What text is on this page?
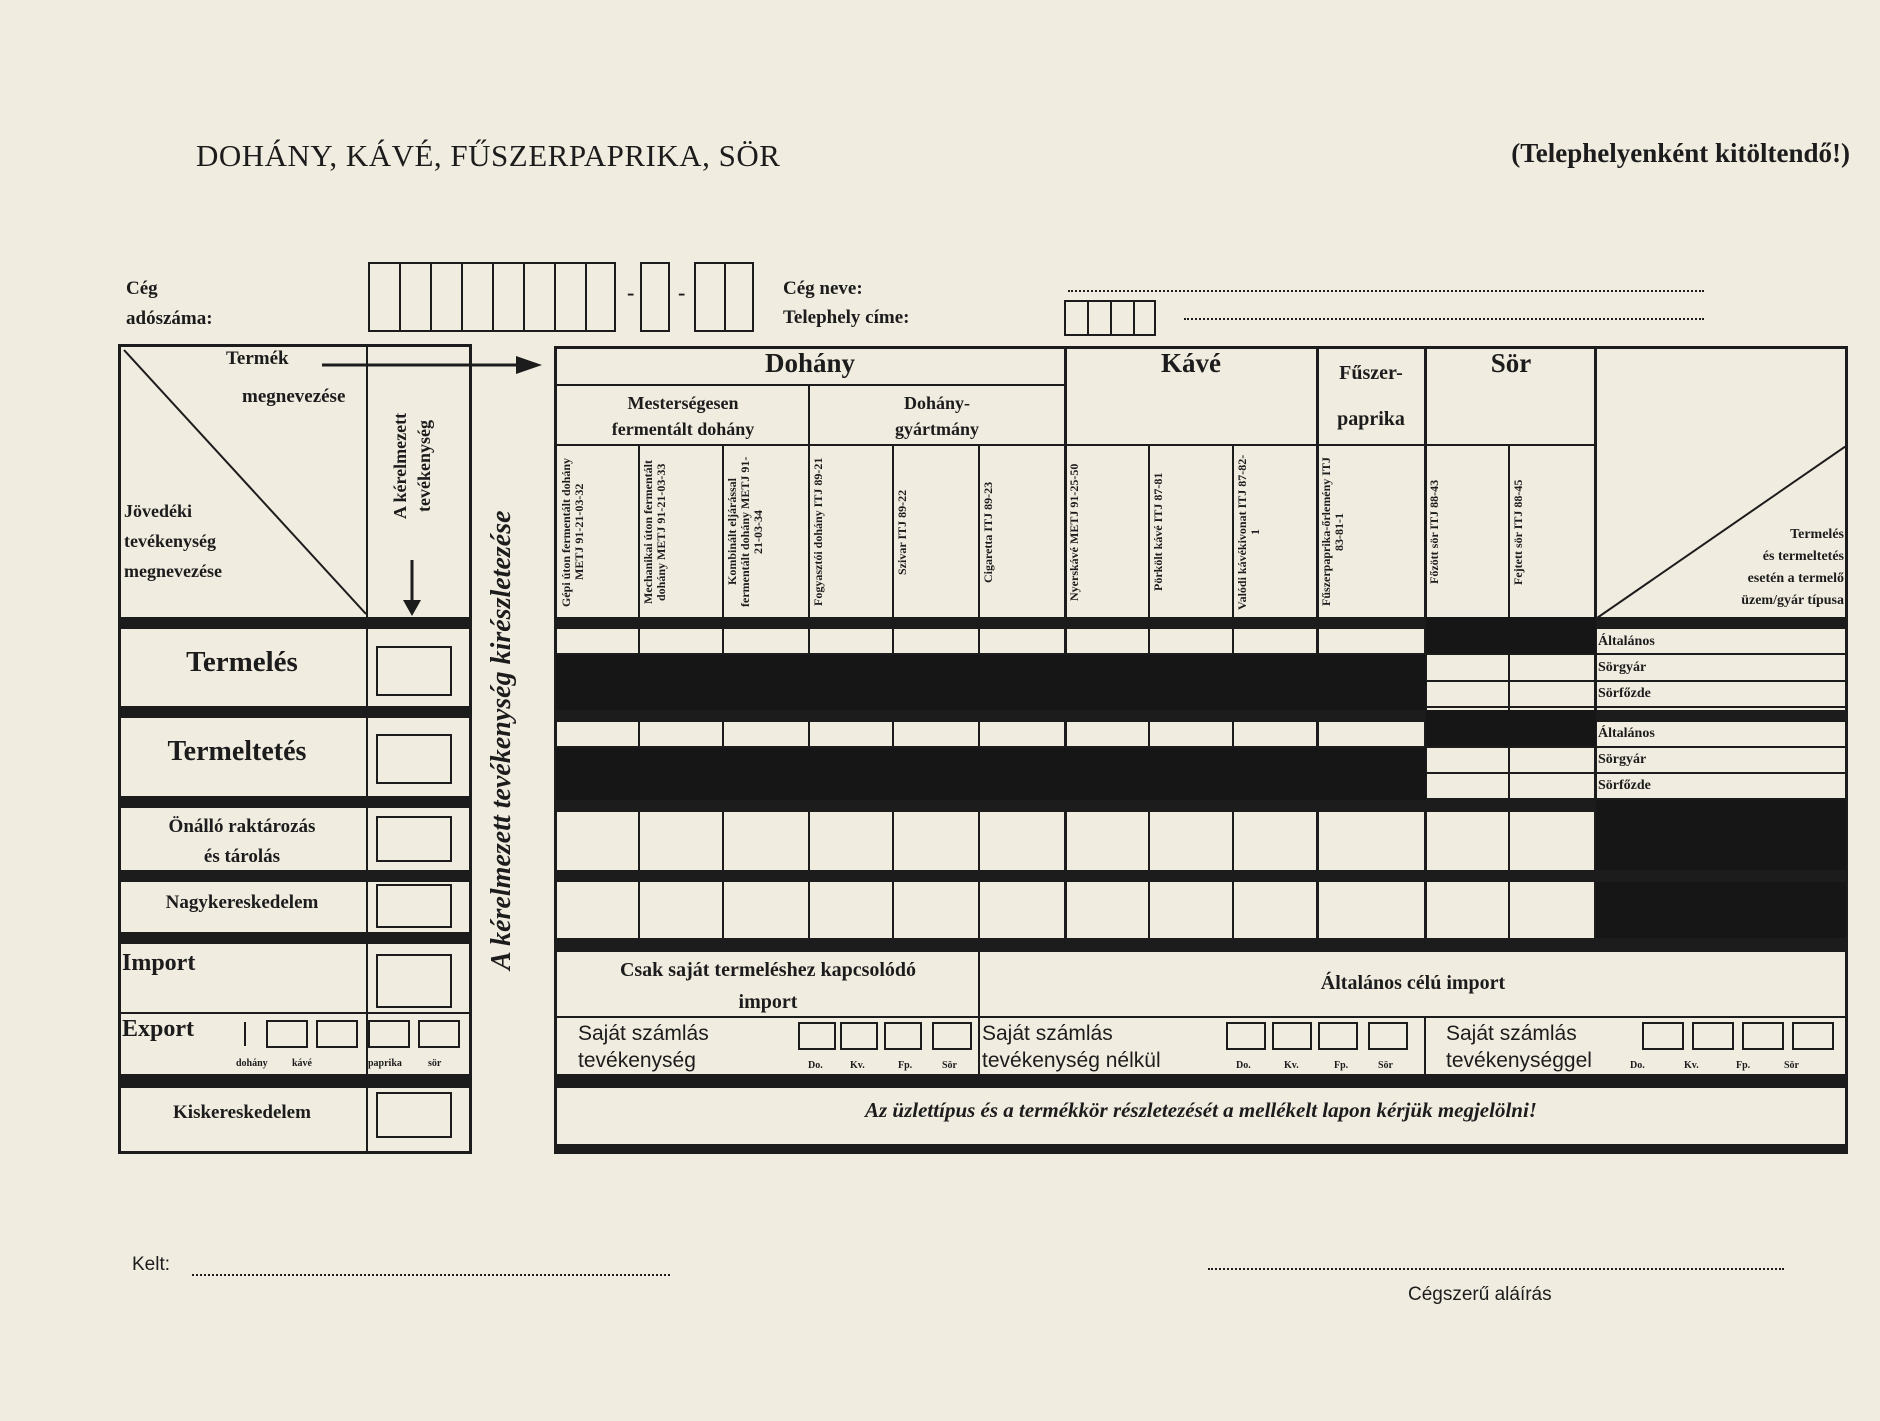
DOHÁNY, KÁVÉ, FŰSZERPAPRIKA, SÖR	(Telephelyenként kitöltendő!)
Cég
adószáma:
- -	Cég neve:
Telephely címe:
Termék
megnevezése
Jövedéki
tevékenység
megnevezése
A kérelmezett tevékenység
Termelés
Termeltetés
Önálló raktározás
és tárolás
Nagykereskedelem
Import
Export
dohány kávé	paprika	sör
Kiskereskedelem
A kérelmezett tevékenység kirészletezése
Dohány
Mesterségesen
fermentált dohány
Dohány-
gyártmány
Kávé	Fűszer-
paprika
Sör
Gépi úton fermentált dohány METJ 91-21-03-32	Mechanikai úton fermentált dohány METJ 91-21-03-33	Kombinált eljárással fermentált dohány METJ 91-21-03-34	Fogyasztói dohány ITJ 89-21	Szivar ITJ 89-22	Cigaretta ITJ 89-23	Nyerskávé METJ 91-25-50	Pörkölt kávé ITJ 87-81	Valódi kávékivonat ITJ 87-82-1	Fűszerpaprika-őrlemény ITJ 83-81-1	Főzött sör ITJ 88-43	Fejtett sör ITJ 88-45	Termelés
és termeltetés
esetén a termelő
üzem/gyár típusa
Általános
Sörgyár
Sörfőzde
Általános
Sörgyár
Sörfőzde
Csak saját termeléshez kapcsolódó
import
Általános célú import
Saját számlás
tevékenység	Do.	Kv.	Fp.	Sör
Saját számlás
tevékenység nélkül	Do.	Kv.	Fp.	Sör
Saját számlás
tevékenységgel	Do.	Kv.	Fp.	Sör
Az üzlettípus és a termékkör részletezését a mellékelt lapon kérjük megjelölni!
Kelt:
Cégszerű aláírás
